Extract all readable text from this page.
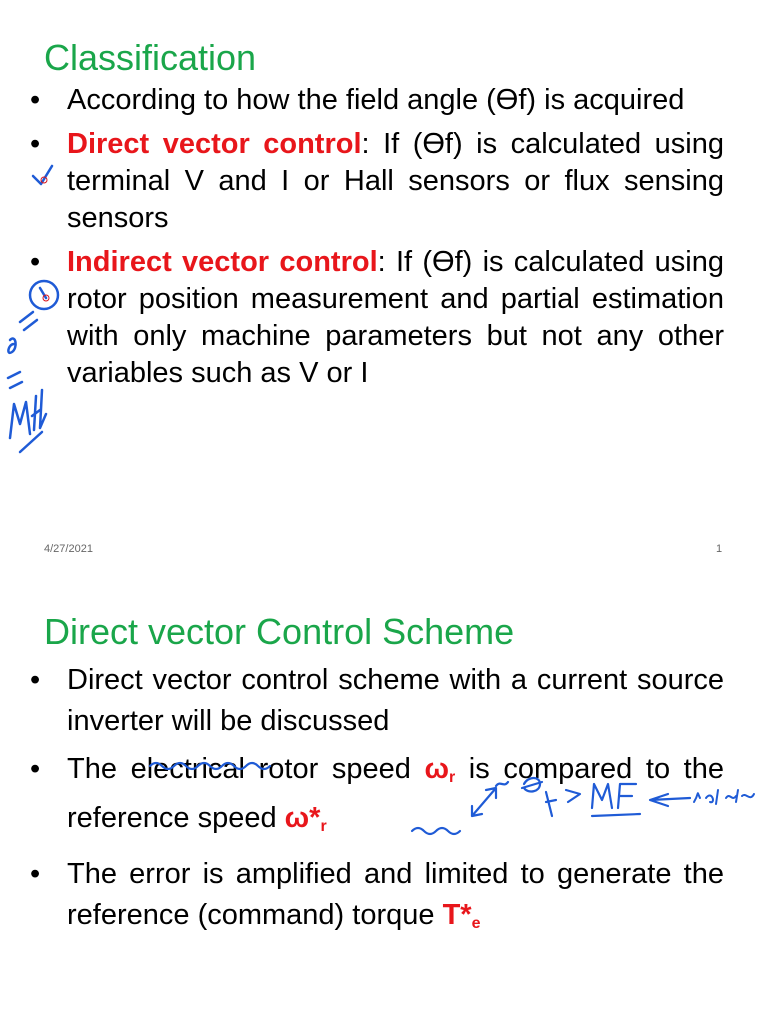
Classification
• According to how the field angle (Ɵf) is acquired
• Direct vector control: If (Ɵf) is calculated using terminal V and I or Hall sensors or flux sensing sensors
• Indirect vector control: If (Ɵf) is calculated using rotor position measurement and partial estimation with only machine parameters but not any other variables such as V or I
4/27/2021	1
Direct vector Control Scheme
• Direct vector control scheme with a current source inverter will be discussed
• The electrical rotor speed $\omega_r$ is compared to the reference speed $\omega*_r$
• The error is amplified and limited to generate the reference (command) torque $T*_e$
